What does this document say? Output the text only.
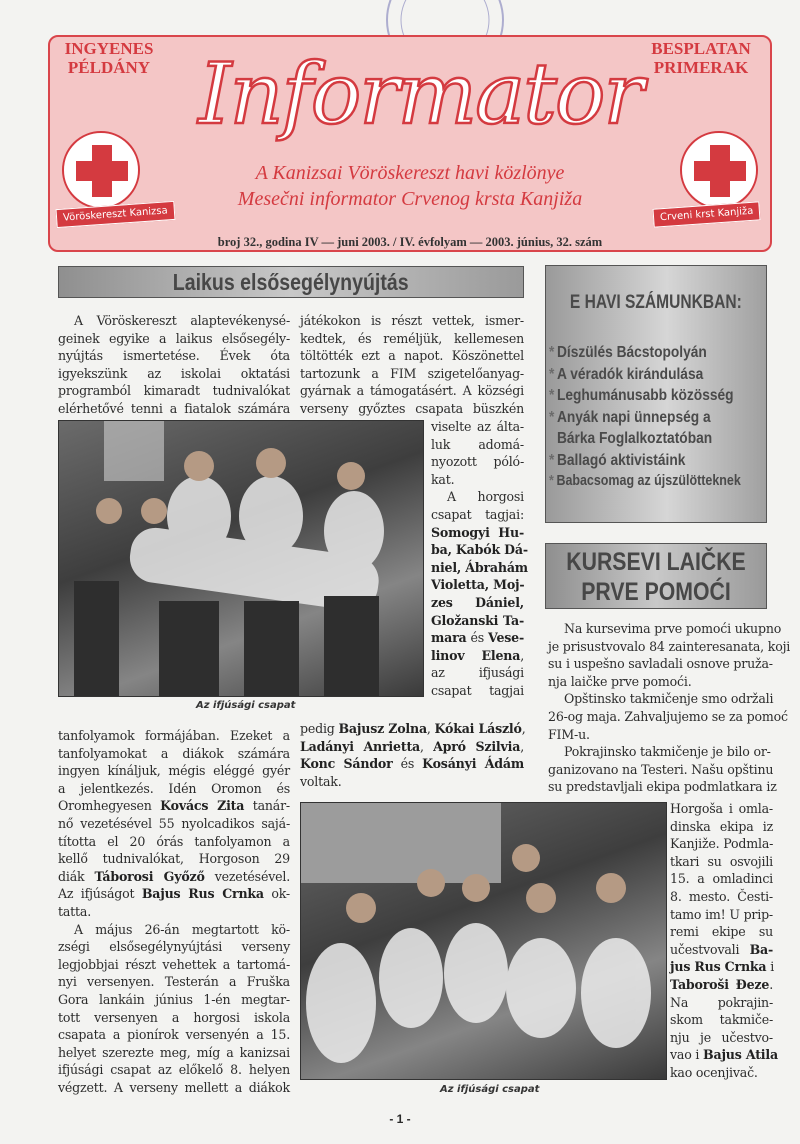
INGYENES
PÉLDÁNY
BESPLATAN
PRIMERAK
Informator
Vöröskereszt Kanizsa	Crveni krst Kanjiža
A Kanizsai Vöröskereszt havi közlönye
Mesečni informator Crvenog krsta Kanjiža
broj 32., godina IV — juni 2003. / IV. évfolyam — 2003. június, 32. szám
Laikus elsősegélynyújtás
A Vöröskereszt alaptevékenysé-
geinek egyike a laikus elsősegély-
nyújtás ismertetése. Évek óta
igyekszünk az iskolai oktatási
programból kimaradt tudnivalókat
elérhetővé tenni a fiatalok számára
játékokon is részt vettek, ismer-
kedtek, és reméljük, kellemesen
töltötték ezt a napot. Köszönettel
tartozunk a FIM szigetelőanyag-
gyárnak a támogatásért. A községi
verseny győztes csapata büszkén
viselte az álta-
luk adomá-
nyozott póló-
kat.
A horgosi
csapat tagjai:
Somogyi Hu-
ba, Kabók Dá-
niel, Ábrahám
Violetta, Moj-
zes Dániel,
Gložanski Ta-
mara és Vese-
linov Elena,
az ifjusági
csapat tagjai
Az ifjúsági csapat
tanfolyamok formájában. Ezeket a
tanfolyamokat a diákok számára
ingyen kínáljuk, mégis eléggé gyér
a jelentkezés. Idén Oromon és
Oromhegyesen Kovács Zita tanár-
nő vezetésével 55 nyolcadikos sajá-
tította el 20 órás tanfolyamon a
kellő tudnivalókat, Horgoson 29
diák Táborosi Győző vezetésével.
Az ifjúságot Bajus Rus Crnka ok-
tatta.
A május 26-án megtartott kö-
zségi elsősegélynyújtási verseny
legjobbjai részt vehettek a tartomá-
nyi versenyen. Testerán a Fruška
Gora lankáin június 1-én megtar-
tott versenyen a horgosi iskola
csapata a pionírok versenyén a 15.
helyet szerezte meg, míg a kanizsai
ifjúsági csapat az előkelő 8. helyen
végzett. A verseny mellett a diákok
pedig Bajusz Zolna, Kókai László,
Ladányi Anrietta, Apró Szilvia,
Konc Sándor és Kosányi Ádám
voltak.
Az ifjúsági csapat
E HAVI SZÁMUNKBAN:
* Díszülés Bácstopolyán
* A véradók kirándulása
* Leghumánusabb közösség
* Anyák napi ünnepség a
Bárka Foglalkoztatóban
* Ballagó aktivistáink
* Babacsomag az újszülötteknek
KURSEVI LAIČKE
PRVE POMOĆI
Na kursevima prve pomoći ukupno
je prisustvovalo 84 zainteresanata, koji
su i uspešno savladali osnove pruža-
nja laičke prve pomoći.
Opštinsko takmičenje smo održali
26-og maja. Zahvaljujemo se za pomoć
FIM-u.
Pokrajinsko takmičenje je bilo or-
ganizovano na Testeri. Našu opštinu
su predstavljali ekipa podmlatkara iz
Horgoša i omla-
dinska ekipa iz
Kanjiže. Podmla-
tkari su osvojili
15. a omladinci
8. mesto. Česti-
tamo im! U prip-
remi ekipe su
učestvovali Ba-
jus Rus Crnka i
Taboroši Đeze.
Na pokrajin-
skom takmiče-
nju je učestvo-
vao i Bajus Atila
kao ocenjivač.
- 1 -
